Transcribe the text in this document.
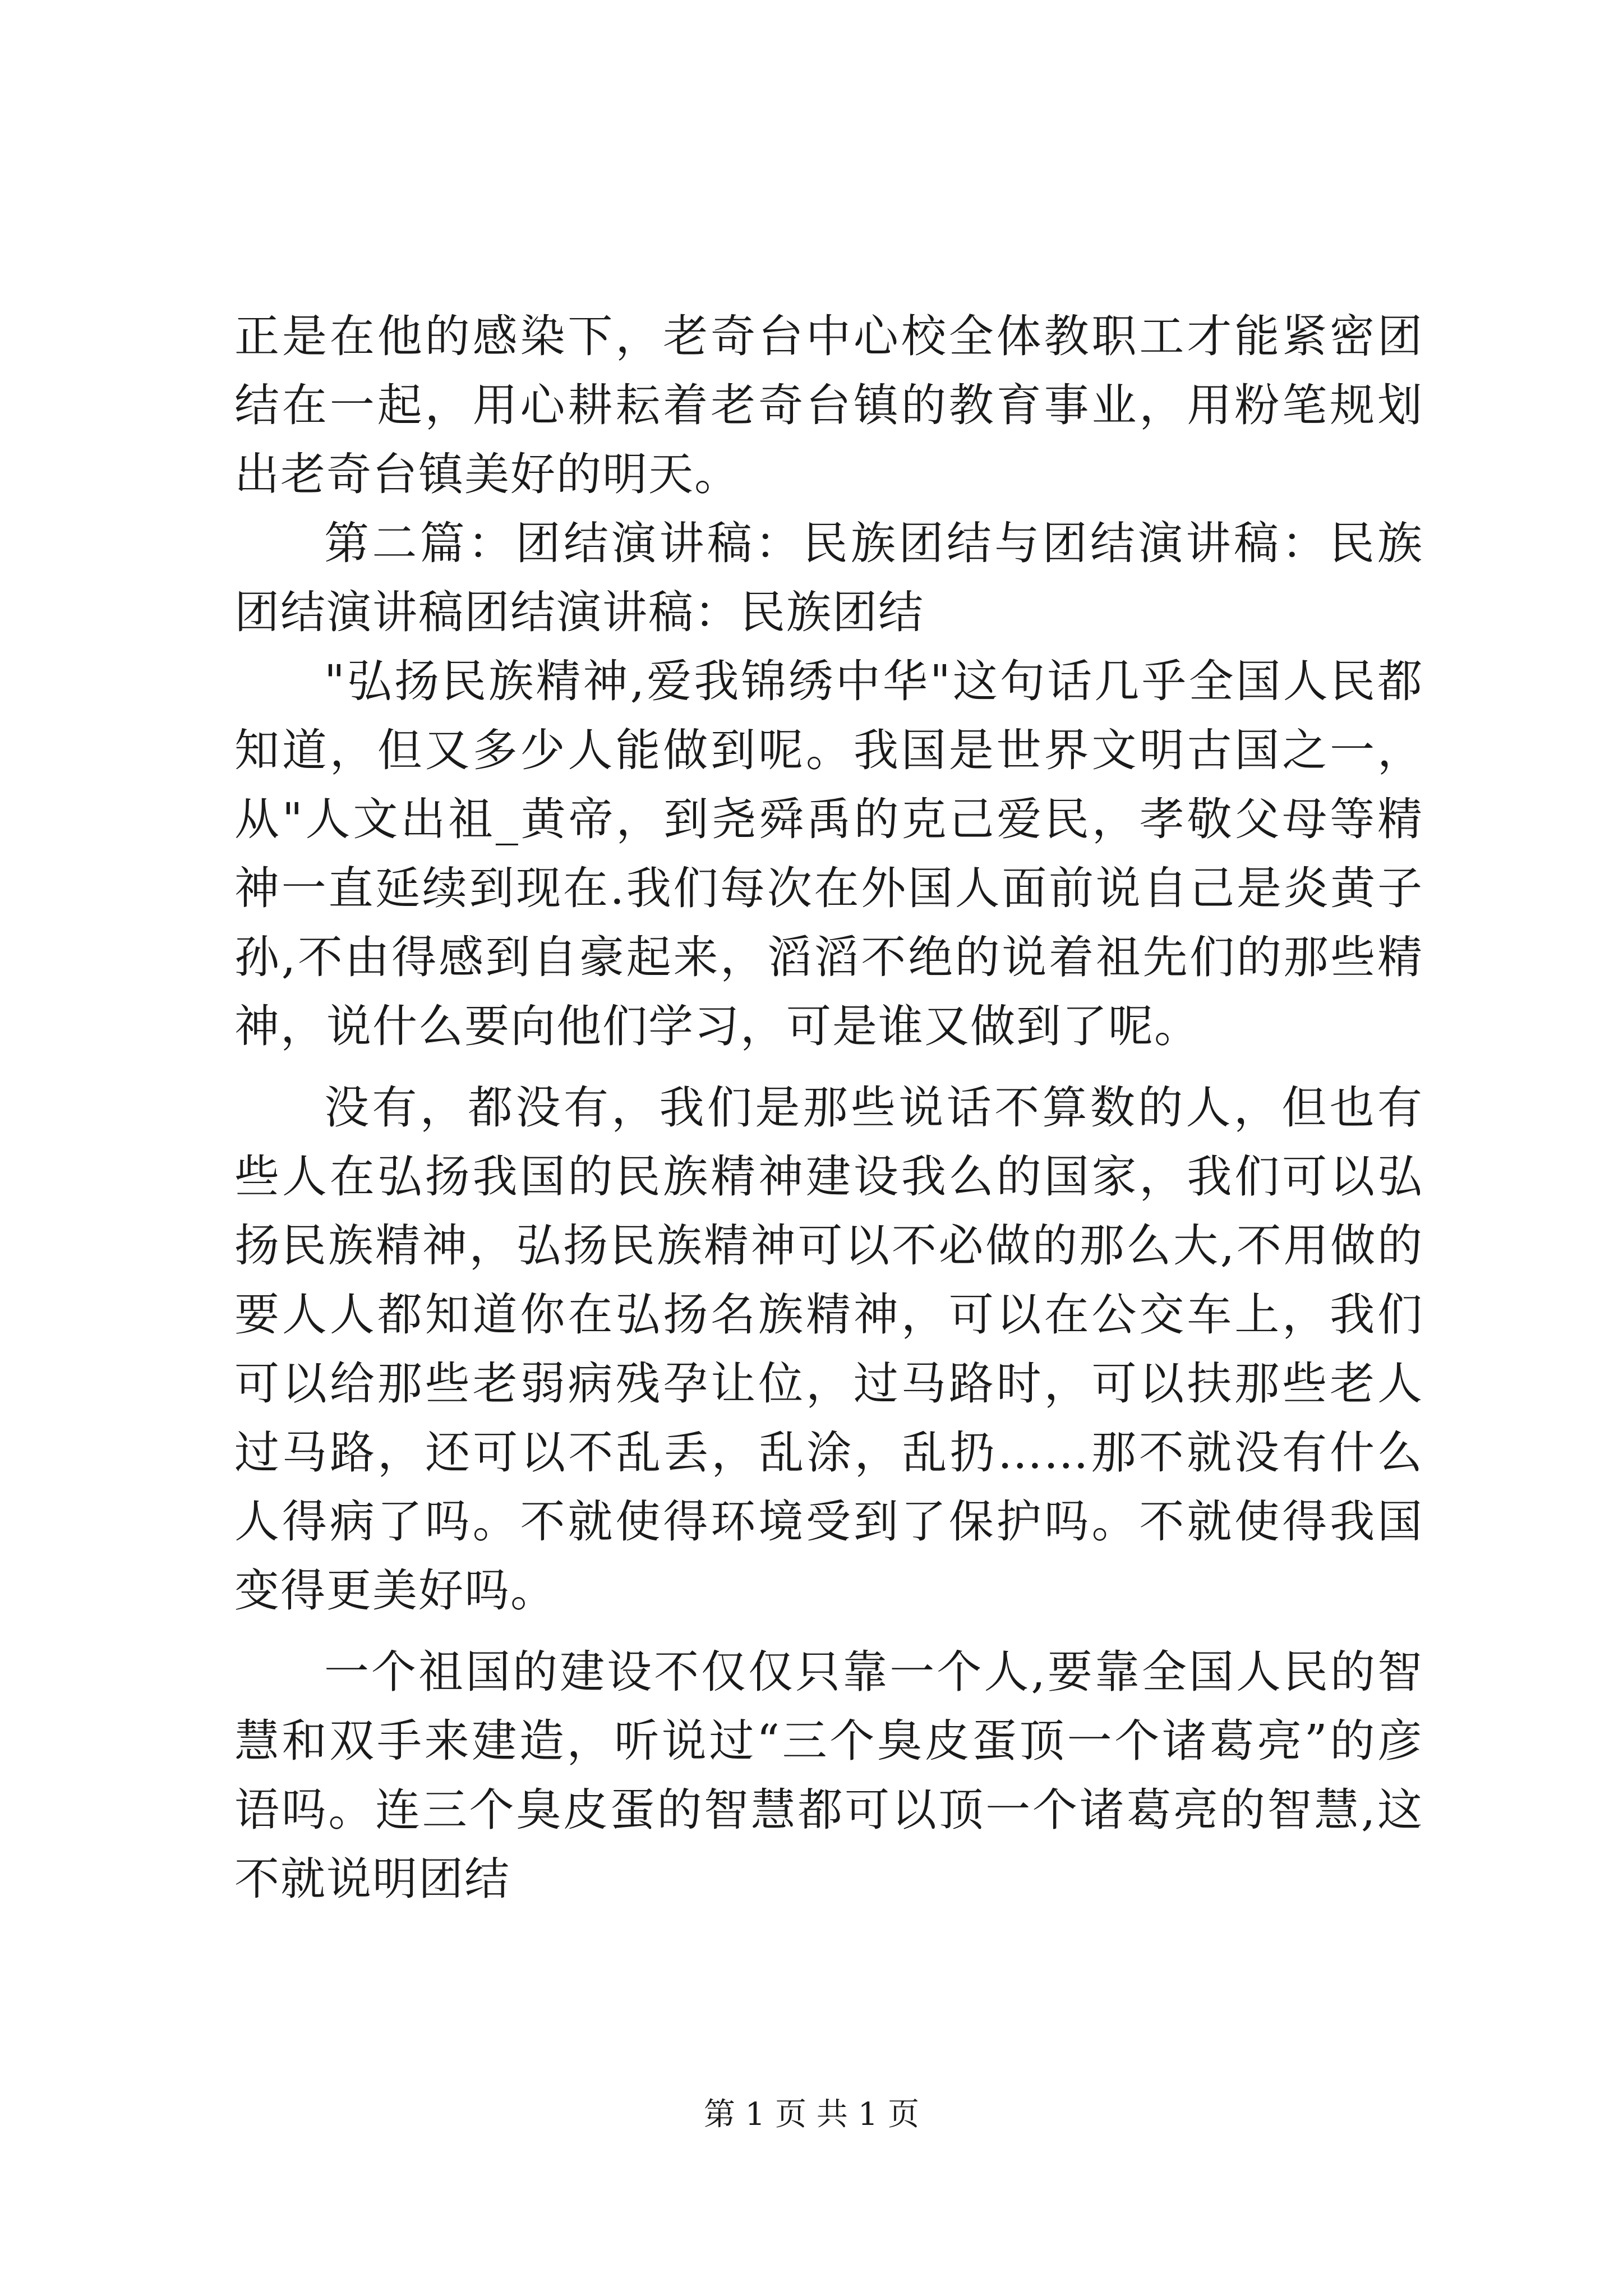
正是在他的感染下，老奇台中心校全体教职工才能紧密团结在一起，用心耕耘着老奇台镇的教育事业，用粉笔规划出老奇台镇美好的明天。

第二篇：团结演讲稿：民族团结与团结演讲稿：民族团结演讲稿团结演讲稿：民族团结

"弘扬民族精神,爱我锦绣中华"这句话几乎全国人民都知道，但又多少人能做到呢。我国是世界文明古国之一，从"人文出祖_黄帝，到尧舜禹的克己爱民，孝敬父母等精神一直延续到现在.我们每次在外国人面前说自己是炎黄子孙,不由得感到自豪起来，滔滔不绝的说着祖先们的那些精神，说什么要向他们学习，可是谁又做到了呢。

没有，都没有，我们是那些说话不算数的人，但也有些人在弘扬我国的民族精神建设我么的国家，我们可以弘扬民族精神，弘扬民族精神可以不必做的那么大,不用做的要人人都知道你在弘扬名族精神，可以在公交车上，我们可以给那些老弱病残孕让位，过马路时，可以扶那些老人过马路，还可以不乱丢，乱涂，乱扔……那不就没有什么人得病了吗。不就使得环境受到了保护吗。不就使得我国变得更美好吗。

一个祖国的建设不仅仅只靠一个人,要靠全国人民的智慧和双手来建造，听说过“三个臭皮蛋顶一个诸葛亮”的彦语吗。连三个臭皮蛋的智慧都可以顶一个诸葛亮的智慧,这不就说明团结

第 1 页 共 1 页
